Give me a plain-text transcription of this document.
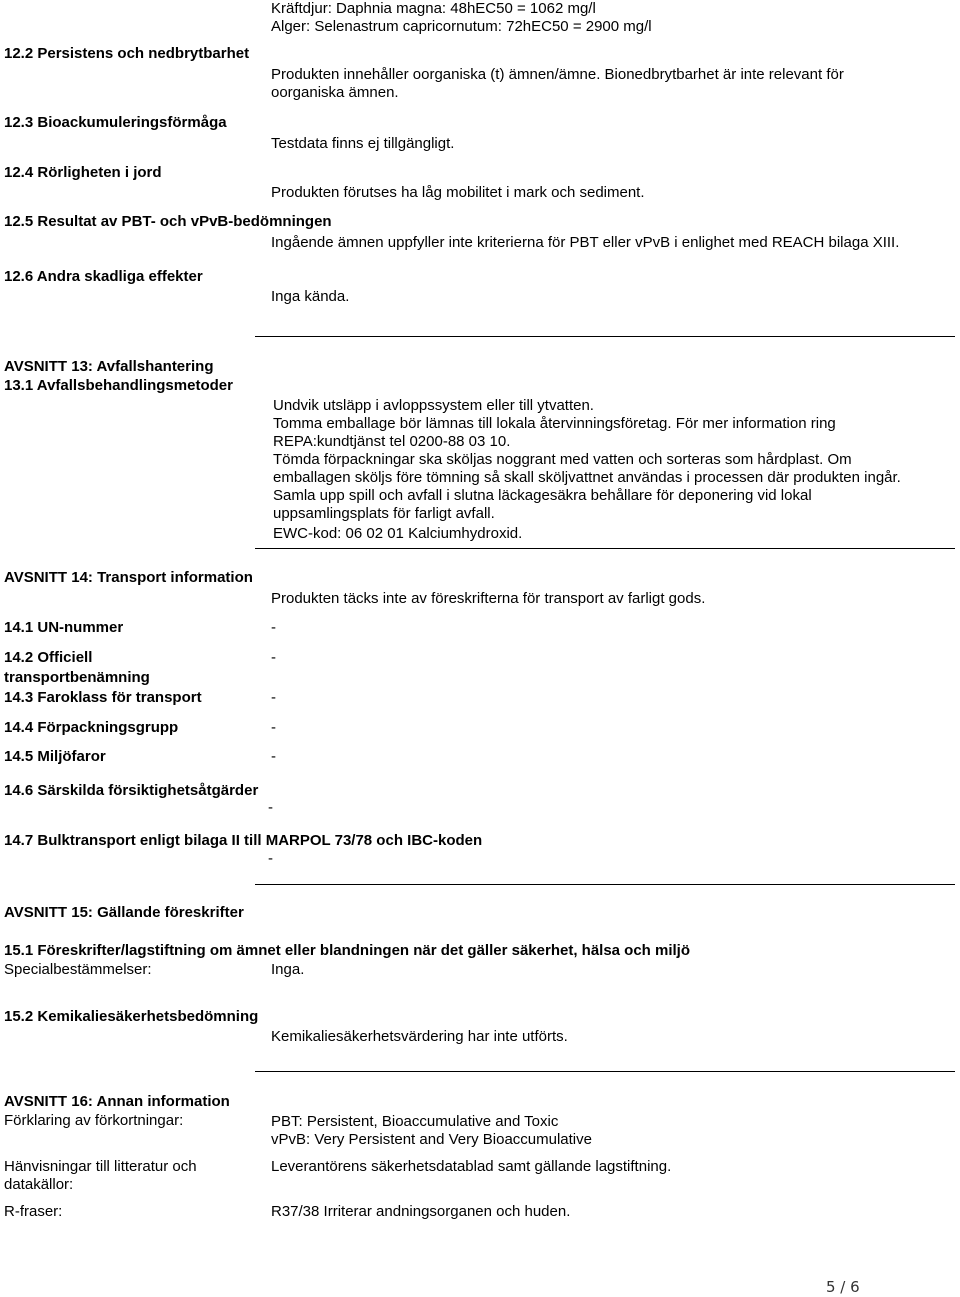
Kräftdjur: Daphnia magna: 48hEC50 = 1062 mg/l
Alger: Selenastrum capricornutum: 72hEC50 = 2900 mg/l
12.2 Persistens och nedbrytbarhet
Produkten innehåller oorganiska (t) ämnen/ämne. Bionedbrytbarhet är inte relevant för
oorganiska ämnen.
12.3 Bioackumuleringsförmåga
Testdata finns ej tillgängligt.
12.4 Rörligheten i jord
Produkten förutses ha låg mobilitet i mark och sediment.
12.5 Resultat av PBT- och vPvB-bedömningen
Ingående ämnen uppfyller inte kriterierna för PBT eller vPvB i enlighet med REACH bilaga XIII.
12.6 Andra skadliga effekter
Inga kända.
AVSNITT 13: Avfallshantering
13.1 Avfallsbehandlingsmetoder
Undvik utsläpp i avloppssystem eller till ytvatten.
Tomma emballage bör lämnas till lokala återvinningsföretag. För mer information ring
REPA:kundtjänst tel 0200-88 03 10.
Tömda förpackningar ska sköljas noggrant med vatten och sorteras som hårdplast. Om
emballagen sköljs före tömning så skall sköljvattnet användas i processen där produkten ingår.
Samla upp spill och avfall i slutna läckagesäkra behållare för deponering vid lokal
uppsamlingsplats för farligt avfall.
EWC-kod: 06 02 01 Kalciumhydroxid.
AVSNITT 14: Transport information
Produkten täcks inte av föreskrifterna för transport av farligt gods.
14.1 UN-nummer	-
14.2 Officiell
transportbenämning
-
14.3 Faroklass för transport	-
14.4 Förpackningsgrupp	-
14.5 Miljöfaror	-
14.6 Särskilda försiktighetsåtgärder
-
14.7 Bulktransport enligt bilaga II till MARPOL 73/78 och IBC-koden
-
AVSNITT 15: Gällande föreskrifter
15.1 Föreskrifter/lagstiftning om ämnet eller blandningen när det gäller säkerhet, hälsa och miljö
Specialbestämmelser:	Inga.
15.2 Kemikaliesäkerhetsbedömning
Kemikaliesäkerhetsvärdering har inte utförts.
AVSNITT 16: Annan information
Förklaring av förkortningar:	PBT: Persistent, Bioaccumulative and Toxic
vPvB: Very Persistent and Very Bioaccumulative
Hänvisningar till litteratur och
datakällor:
Leverantörens säkerhetsdatablad samt gällande lagstiftning.
R-fraser:	R37/38 Irriterar andningsorganen och huden.
5 / 6
